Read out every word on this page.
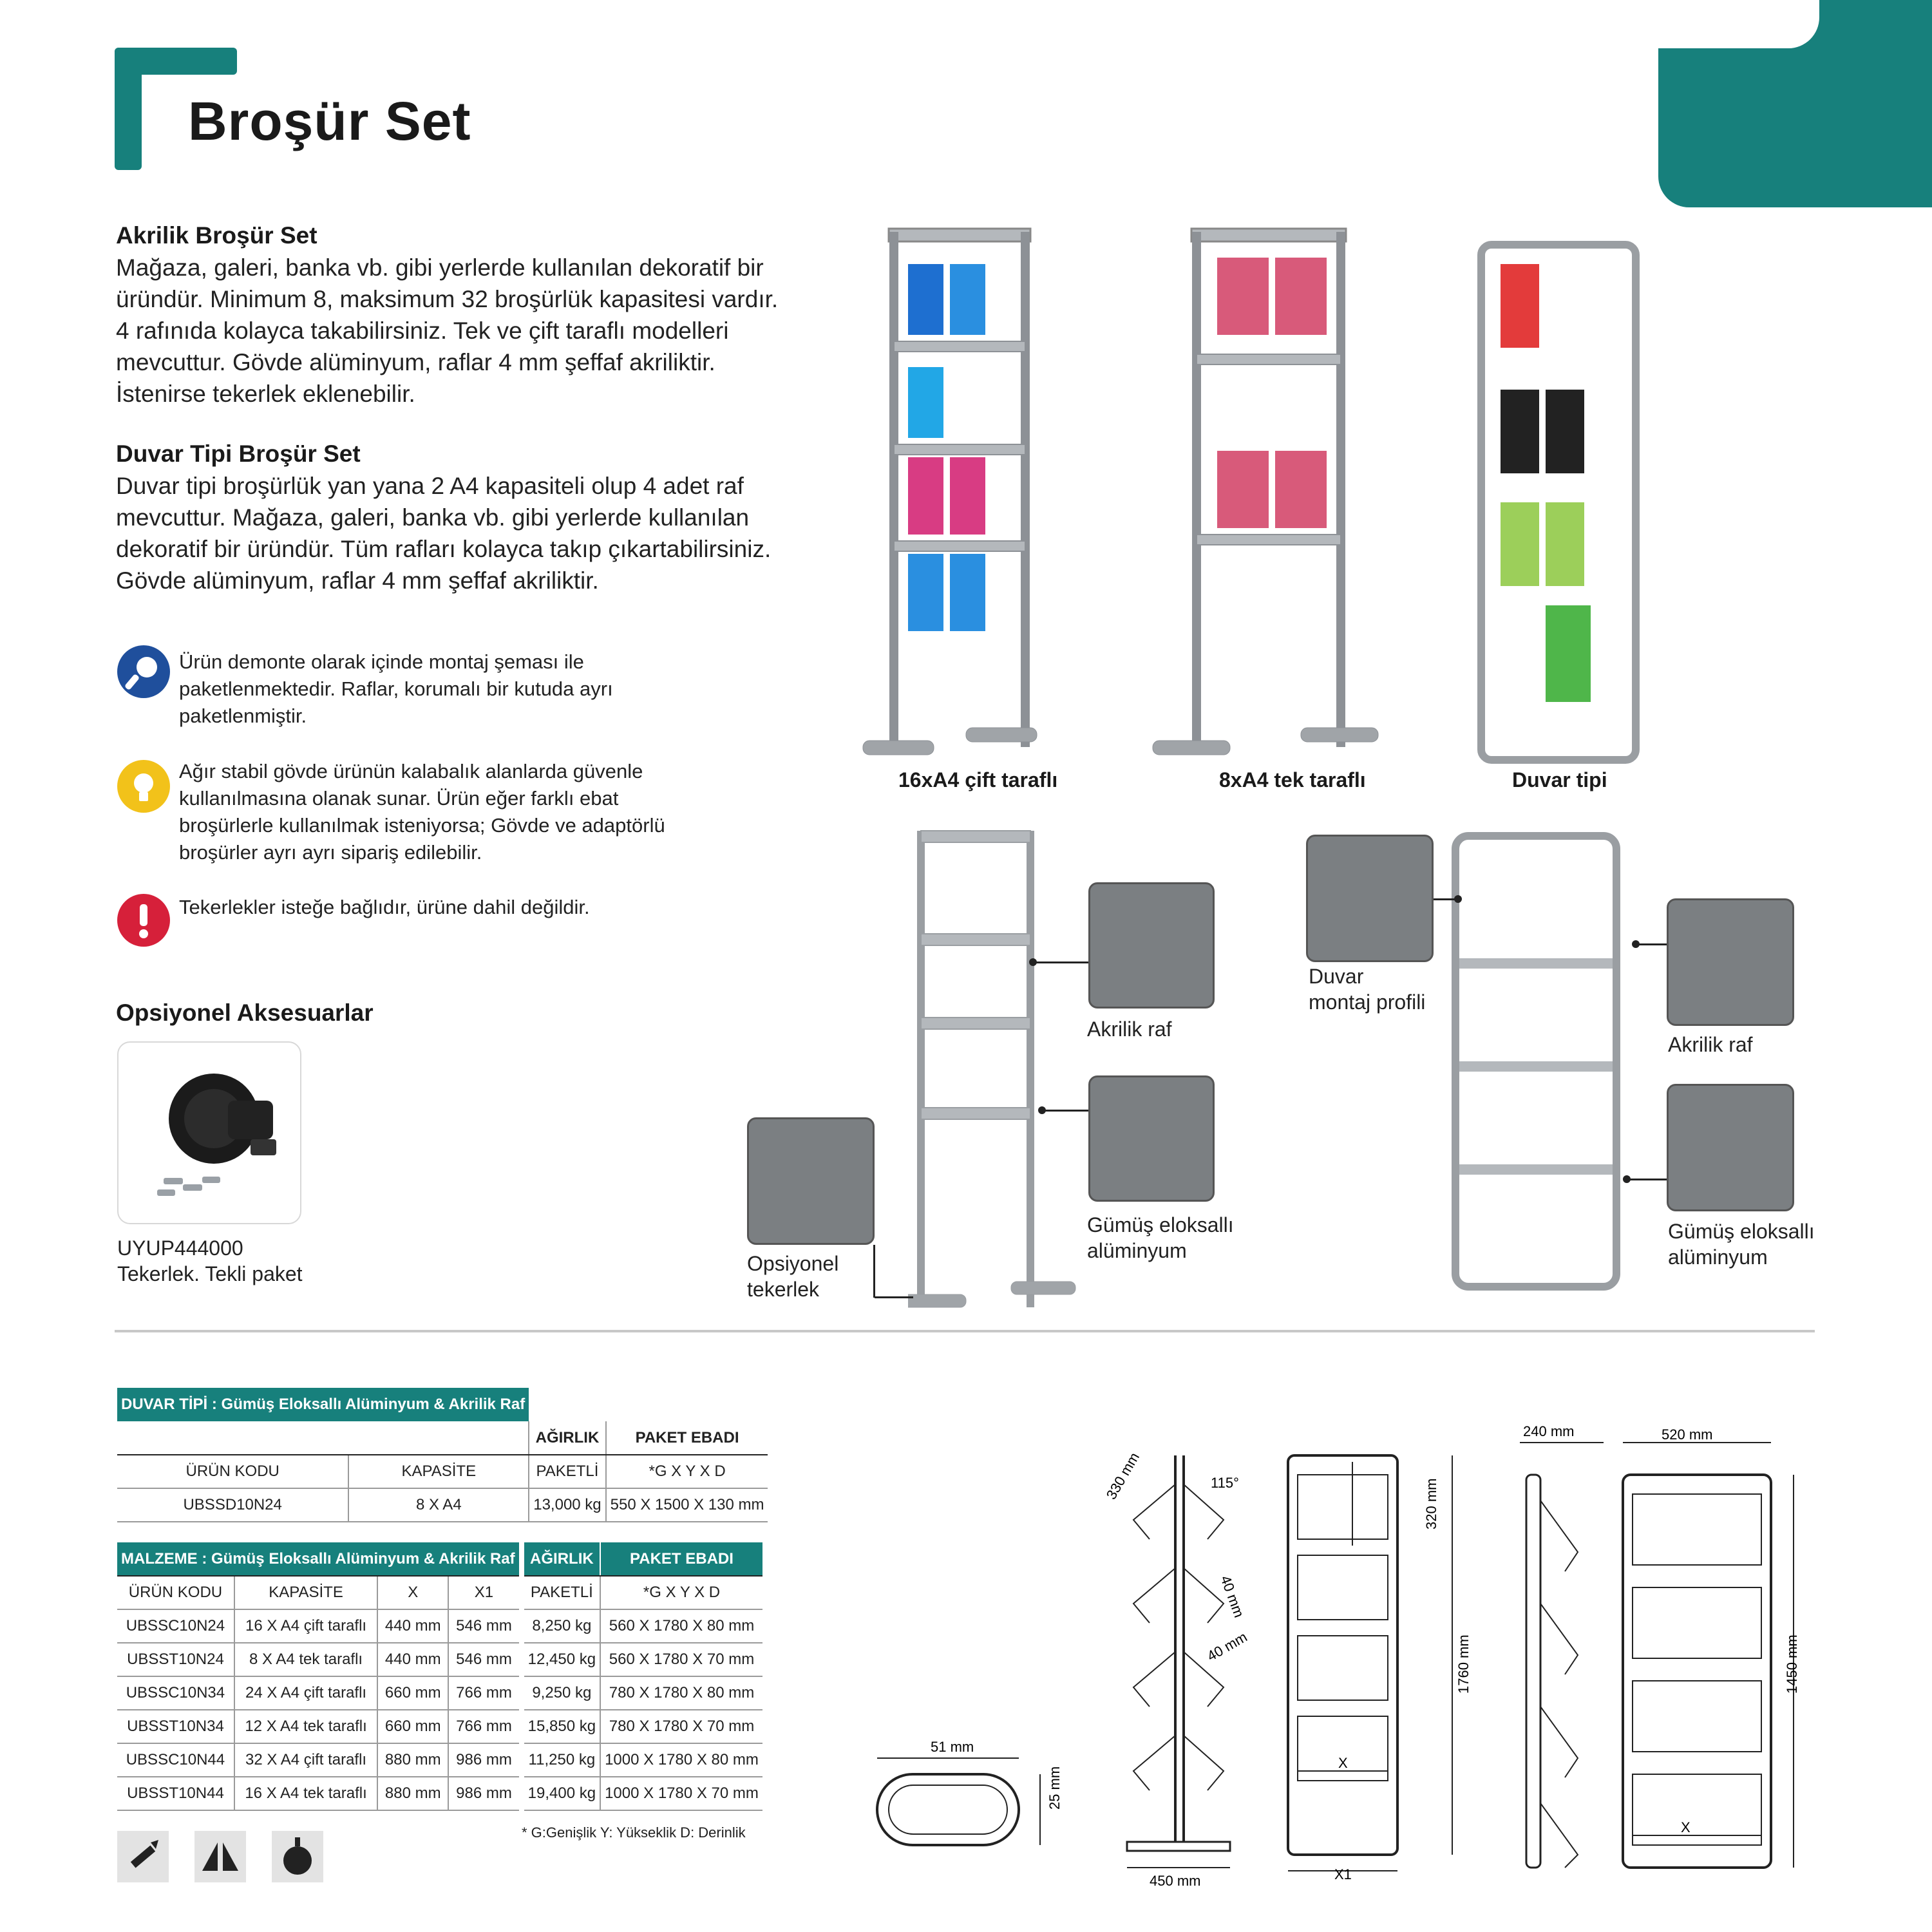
Broşür Set
Akrilik Broşür Set
Mağaza, galeri, banka vb. gibi yerlerde kullanılan dekoratif bir
üründür. Minimum 8, maksimum 32 broşürlük kapasitesi vardır.
4 rafınıda kolayca takabilirsiniz. Tek ve çift taraflı modelleri
mevcuttur. Gövde alüminyum, raflar 4 mm şeffaf akriliktir.
İstenirse tekerlek eklenebilir.
Duvar Tipi Broşür Set
Duvar tipi broşürlük yan yana 2 A4 kapasiteli olup 4 adet raf
mevcuttur. Mağaza, galeri, banka vb. gibi yerlerde kullanılan
dekoratif bir üründür. Tüm rafları kolayca takıp çıkartabilirsiniz.
Gövde alüminyum, raflar 4 mm şeffaf akriliktir.
Ürün demonte olarak içinde montaj şeması ile
paketlenmektedir. Raflar, korumalı bir kutuda ayrı
paketlenmiştir.
Ağır stabil gövde ürünün kalabalık alanlarda güvenle
kullanılmasına olanak sunar. Ürün eğer farklı ebat
broşürlerle kullanılmak isteniyorsa; Gövde ve adaptörlü
broşürler ayrı ayrı sipariş edilebilir.
Tekerlekler isteğe bağlıdır, ürüne dahil değildir.
Opsiyonel Aksesuarlar
UYUP444000
Tekerlek. Tekli paket
16xA4 çift taraflı	8xA4 tek taraflı	Duvar tipi
Akrilik raf
Gümüş eloksallı
alüminyum
Opsiyonel
tekerlek
Duvar
montaj profili
Akrilik raf
Gümüş eloksallı
alüminyum
DUVAR TİPİ : Gümüş Eloksallı Alüminyum & Akrilik Raf			
		AĞIRLIK	PAKET EBADI
ÜRÜN KODU	KAPASİTE	PAKETLİ	*G X Y X D
UBSSD10N24	8 X A4	13,000 kg	550 X 1500 X 130 mm
MALZEME : Gümüş Eloksallı Alüminyum & Akrilik Raf				AĞIRLIK	PAKET EBADI
ÜRÜN KODU	KAPASİTE	X	X1	PAKETLİ	*G X Y X D
UBSSC10N24	16 X A4 çift taraflı	440 mm	546 mm	8,250 kg	560 X 1780 X 80 mm
UBSST10N24	8 X A4 tek taraflı	440 mm	546 mm	12,450 kg	560 X 1780 X 70 mm
UBSSC10N34	24 X A4 çift taraflı	660 mm	766 mm	9,250 kg	780 X 1780 X 80 mm
UBSST10N34	12 X A4 tek taraflı	660 mm	766 mm	15,850 kg	780 X 1780 X 70 mm
UBSSC10N44	32 X A4 çift taraflı	880 mm	986 mm	11,250 kg	1000 X 1780 X 80 mm
UBSST10N44	16 X A4 tek taraflı	880 mm	986 mm	19,400 kg	1000 X 1780 X 70 mm
* G:Genişlik Y: Yükseklik D: Derinlik
51 mm
25 mm
450 mm
330 mm	115°
40 mm
40 mm
320 mm
1760 mm
X
X1
240 mm	520 mm
1450 mm
X
